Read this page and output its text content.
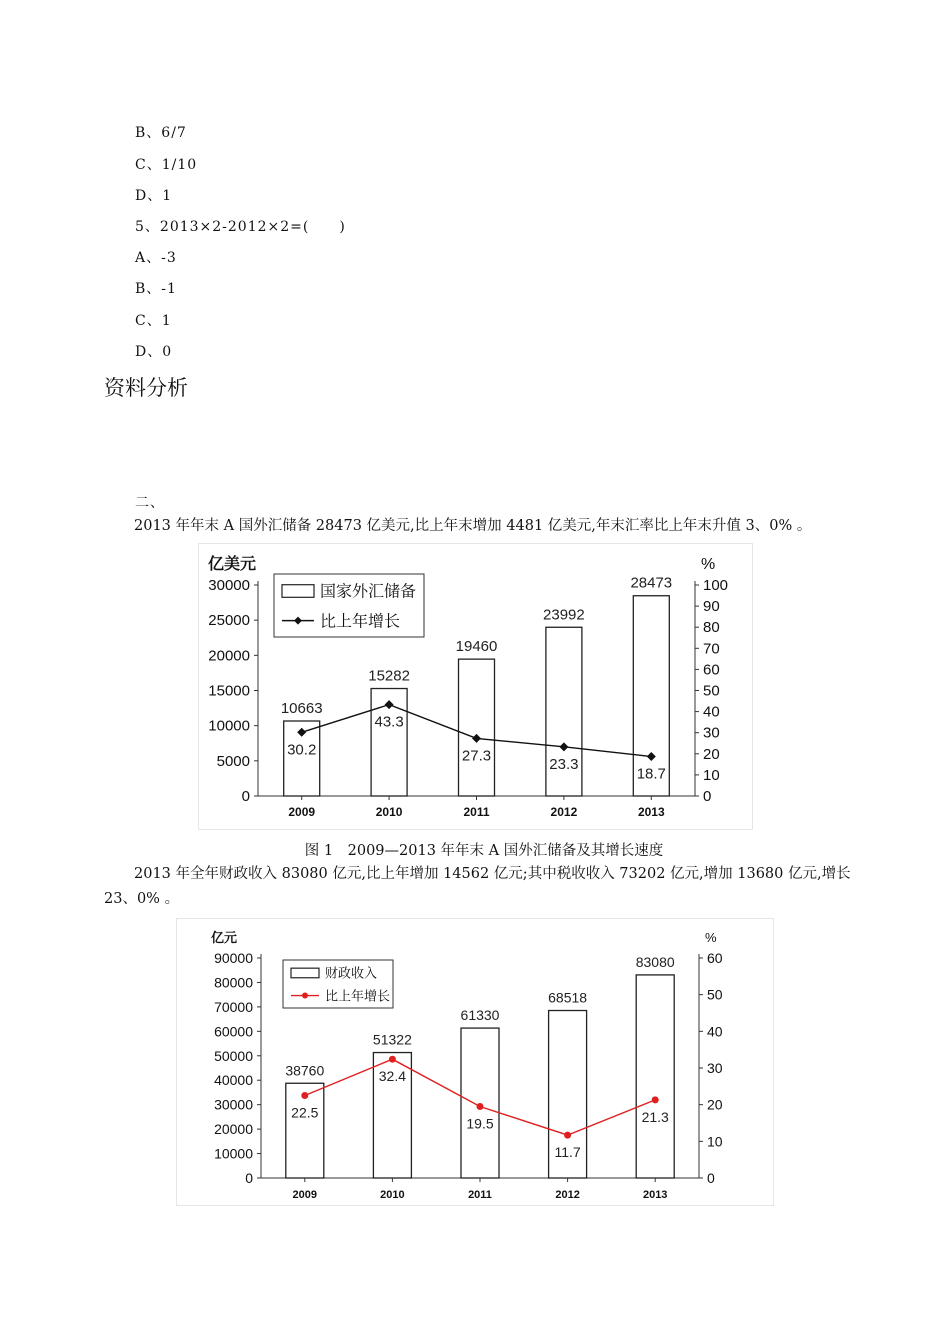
B、6/7
C、1/10
D、1
5、2013×2-2012×2=(　　)
A、-3
B、-1
C、1
D、0
资料分析
二、
2013 年年末 A 国外汇储备 28473 亿美元,比上年末增加 4481 亿美元,年末汇率比上年末升值 3、0% 。
亿美元	%
0
5000
10000
15000
20000
25000
30000
0
10
20
30
40
50
60
70
80
90
100
10663
2009
15282
2010
19460
2011
23992
2012
28473
2013
30.2
43.3
27.3	23.3
18.7
国家外汇储备
比上年增长
图 1　2009—2013 年年末 A 国外汇储备及其增长速度
2013 年全年财政收入 83080 亿元,比上年增加 14562 亿元;其中税收收入 73202 亿元,增加 13680 亿元,增长 23、0% 。
亿元	%
0
10000
20000
30000
40000
50000
60000
70000
80000
90000
0
10
20
30
40
50
60
38760
2009
51322
2010
61330
2011
68518
2012
83080
2013
22.5
32.4
19.5
11.7
21.3
财政收入
比上年增长
